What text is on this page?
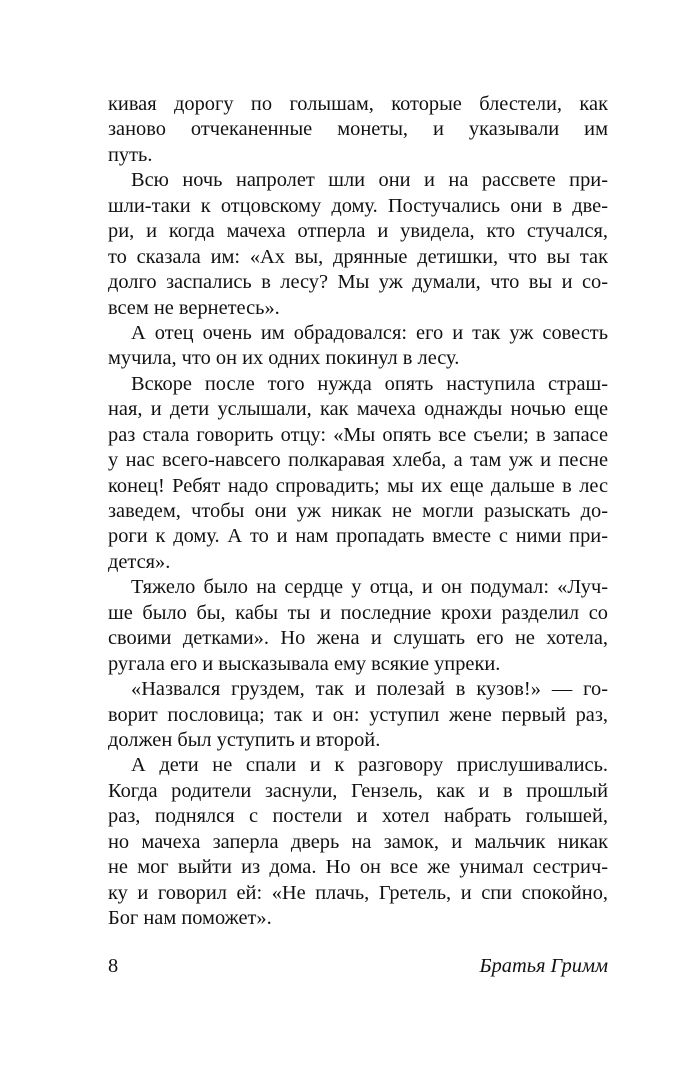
кивая дорогу по голышам, которые блестели, как
заново отчеканенные монеты, и указывали им
путь.
Всю ночь напролет шли они и на рассвете при-
шли-таки к отцовскому дому. Постучались они в две-
ри, и когда мачеха отперла и увидела, кто стучался,
то сказала им: «Ах вы, дрянные детишки, что вы так
долго заспались в лесу? Мы уж думали, что вы и со-
всем не вернетесь».
А отец очень им обрадовался: его и так уж совесть
мучила, что он их одних покинул в лесу.
Вскоре после того нужда опять наступила страш-
ная, и дети услышали, как мачеха однажды ночью еще
раз стала говорить отцу: «Мы опять все съели; в запасе
у нас всего-навсего полкаравая хлеба, а там уж и песне
конец! Ребят надо спровадить; мы их еще дальше в лес
заведем, чтобы они уж никак не могли разыскать до-
роги к дому. А то и нам пропадать вместе с ними при-
дется».
Тяжело было на сердце у отца, и он подумал: «Луч-
ше было бы, кабы ты и последние крохи разделил со
своими детками». Но жена и слушать его не хотела,
ругала его и высказывала ему всякие упреки.
«Назвался груздем, так и полезай в кузов!» — го-
ворит пословица; так и он: уступил жене первый раз,
должен был уступить и второй.
А дети не спали и к разговору прислушивались.
Когда родители заснули, Гензель, как и в прошлый
раз, поднялся с постели и хотел набрать голышей,
но мачеха заперла дверь на замок, и мальчик никак
не мог выйти из дома. Но он все же унимал сестрич-
ку и говорил ей: «Не плачь, Гретель, и спи спокойно,
Бог нам поможет».
8	Братья Гримм
